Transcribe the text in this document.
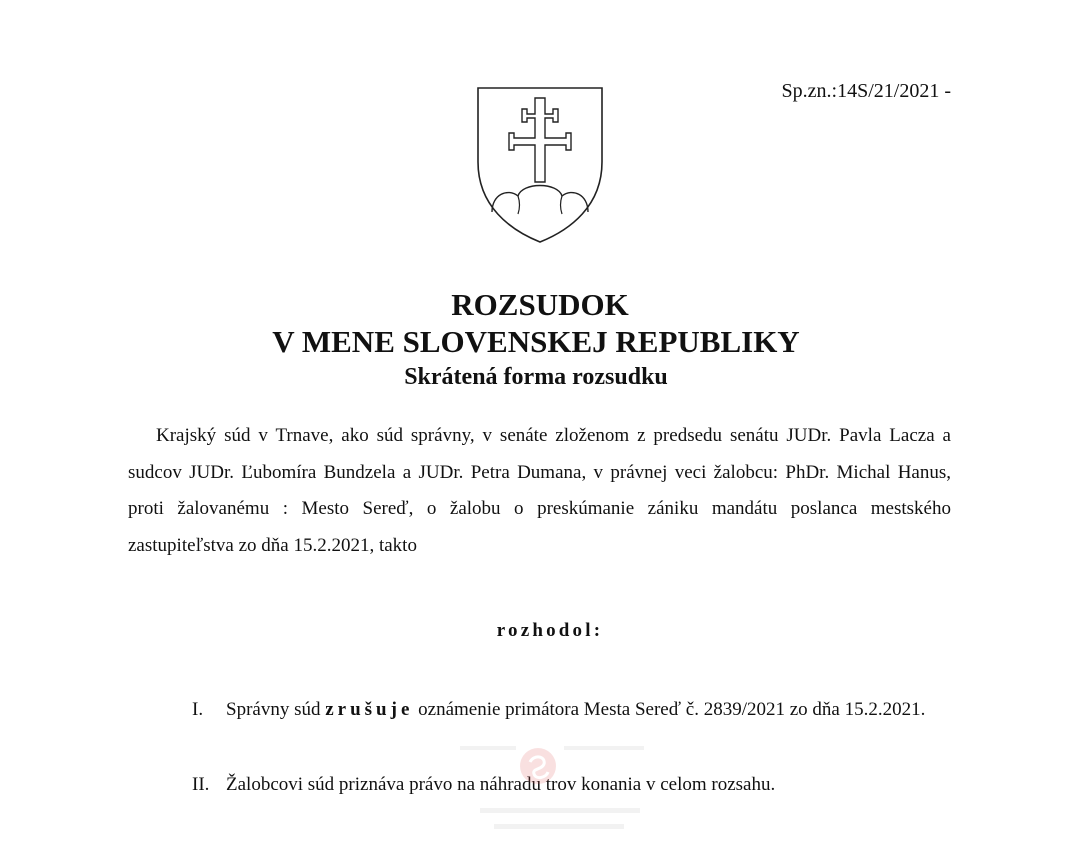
Sp.zn.:14S/21/2021 -
ROZSUDOK
V MENE SLOVENSKEJ REPUBLIKY
Skrátená forma rozsudku
Krajský súd v Trnave, ako súd správny, v senáte zloženom z predsedu senátu JUDr. Pavla Lacza a sudcov JUDr. Ľubomíra Bundzela a JUDr. Petra Dumana, v právnej veci žalobcu: PhDr. Michal Hanus, proti žalovanému : Mesto Sereď, o žalobu o preskúmanie zániku mandátu poslanca mestského zastupiteľstva zo dňa 15.2.2021, takto
rozhodol:
I. Správny súd zrušuje oznámenie primátora Mesta Sereď č. 2839/2021 zo dňa 15.2.2021.
II. Žalobcovi súd priznáva právo na náhradu trov konania v celom rozsahu.
